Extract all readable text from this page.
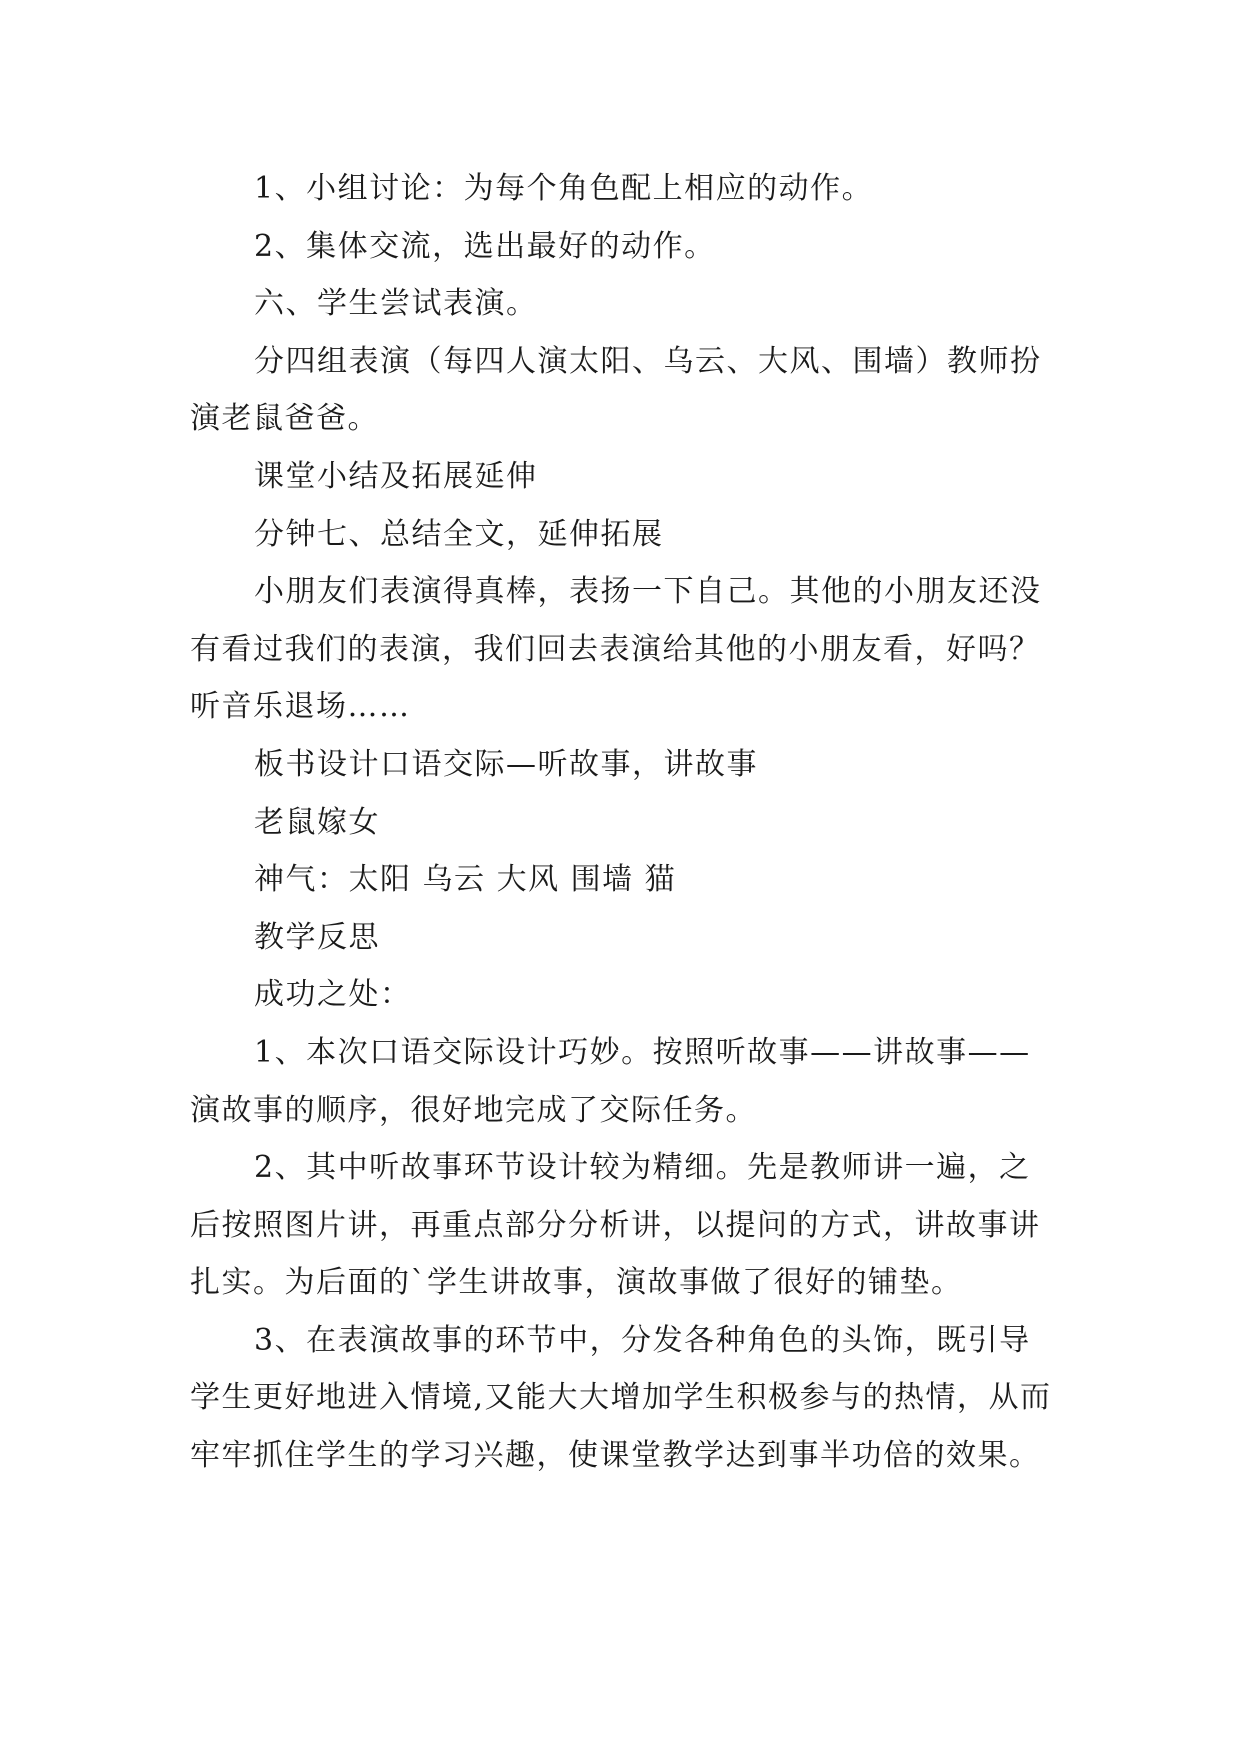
1、小组讨论：为每个角色配上相应的动作。

2、集体交流，选出最好的动作。

六、学生尝试表演。

分四组表演（每四人演太阳、乌云、大风、围墙）教师扮演老鼠爸爸。

课堂小结及拓展延伸

分钟七、总结全文，延伸拓展

小朋友们表演得真棒，表扬一下自己。其他的小朋友还没有看过我们的表演，我们回去表演给其他的小朋友看，好吗？听音乐退场……

板书设计口语交际—听故事，讲故事

老鼠嫁女

神气：太阳 乌云 大风 围墙 猫

教学反思

成功之处：

1、本次口语交际设计巧妙。按照听故事——讲故事——演故事的顺序，很好地完成了交际任务。

2、其中听故事环节设计较为精细。先是教师讲一遍，之后按照图片讲，再重点部分分析讲，以提问的方式，讲故事讲扎实。为后面的`学生讲故事，演故事做了很好的铺垫。

3、在表演故事的环节中，分发各种角色的头饰，既引导学生更好地进入情境,又能大大增加学生积极参与的热情，从而牢牢抓住学生的学习兴趣，使课堂教学达到事半功倍的效果。
